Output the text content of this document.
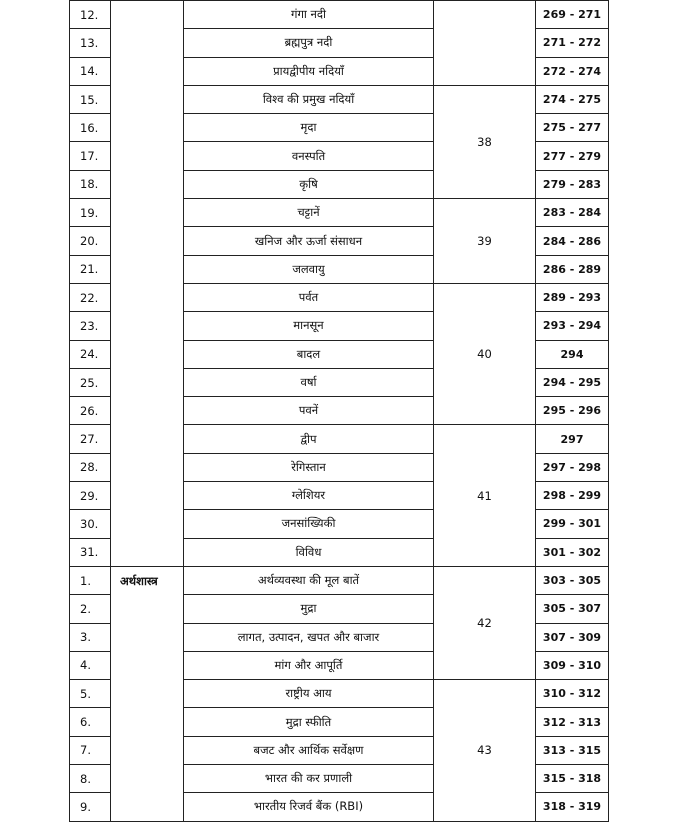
12.		गंगा नदी		269 - 271
13.		ब्रह्मपुत्र नदी		271 - 272
14.		प्रायद्वीपीय नदियाँ		272 - 274
15.		विश्व की प्रमुख नदियाँ	38	274 - 275
16.		मृदा		275 - 277
17.		वनस्पति		277 - 279
18.		कृषि		279 - 283
19.		चट्टानें	39	283 - 284
20.		खनिज और ऊर्जा संसाधन		284 - 286
21.		जलवायु		286 - 289
22.		पर्वत	40	289 - 293
23.		मानसून		293 - 294
24.		बादल		294
25.		वर्षा		294 - 295
26.		पवनें		295 - 296
27.		द्वीप	41	297
28.		रेगिस्तान		297 - 298
29.		ग्लेशियर		298 - 299
30.		जनसांख्यिकी		299 - 301
31.		विविध		301 - 302
1.	अर्थशास्त्र	अर्थव्यवस्था की मूल बातें	42	303 - 305
2.		मुद्रा		305 - 307
3.		लागत, उत्पादन, खपत और बाजार		307 - 309
4.		मांग और आपूर्ति		309 - 310
5.		राष्ट्रीय आय	43	310 - 312
6.		मुद्रा स्फीति		312 - 313
7.		बजट और आर्थिक सर्वेक्षण		313 - 315
8.		भारत की कर प्रणाली		315 - 318
9.		भारतीय रिजर्व बैंक (RBI)		318 - 319
